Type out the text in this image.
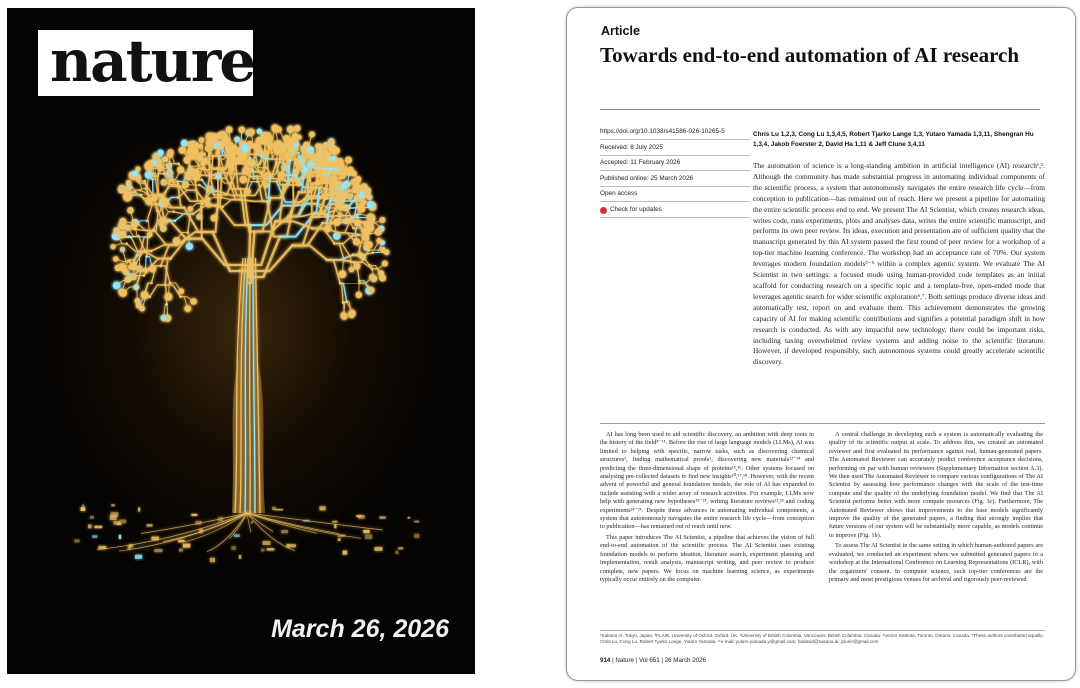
nature
March 26, 2026
Article
Towards end-to-end automation of AI research
https://doi.org/10.1038/s41586-026-10265-5
Received: 8 July 2025
Accepted: 11 February 2026
Published online: 25 March 2026
Open access
Check for updates
Chris Lu 1,2,3, Cong Lu 1,3,4,5, Robert Tjarko Lange 1,3, Yutaro Yamada 1,3,11, Shengran Hu 1,3,4, Jakob Foerster 2, David Ha 1,11 & Jeff Clune 3,4,11

The automation of science is a long-standing ambition in artificial intelligence (AI) research¹,². Although the community has made substantial progress in automating individual components of the scientific process, a system that autonomously navigates the entire research life cycle—from conception to publication—has remained out of reach. Here we present a pipeline for automating the entire scientific process end to end. We present The AI Scientist, which creates research ideas, writes code, runs experiments, plots and analyses data, writes the entire scientific manuscript, and performs its own peer review. Its ideas, execution and presentation are of sufficient quality that the manuscript generated by this AI system passed the first round of peer review for a workshop of a top-tier machine learning conference. The workshop had an acceptance rate of 70%. Our system leverages modern foundation models³⁻⁵ within a complex agentic system. We evaluate The AI Scientist in two settings: a focused mode using human-provided code templates as an initial scaffold for conducting research on a specific topic and a template-free, open-ended mode that leverages agentic search for wider scientific exploration⁶,⁷. Both settings produce diverse ideas and automatically test, report on and evaluate them. This achievement demonstrates the growing capacity of AI for making scientific contributions and signifies a potential paradigm shift in how research is conducted. As with any impactful new technology, there could be important risks, including taxing overwhelmed review systems and adding noise to the scientific literature. However, if developed responsibly, such autonomous systems could greatly accelerate scientific discovery.

AI has long been used to aid scientific discovery, an ambition with deep roots in the history of the field⁸⁻¹¹. Before the rise of large language models (LLMs), AI was limited to helping with specific, narrow tasks, such as discovering chemical structures², finding mathematical proofs¹, discovering new materials¹²⁻¹⁴ and predicting the three-dimensional shape of proteins¹⁵,¹⁶. Other systems focused on analysing pre-collected datasets to find new insights¹⁰,¹⁷,¹⁸. However, with the recent advent of powerful and general foundation models, the role of AI has expanded to include assisting with a wider array of research activities. For example, LLMs now help with generating new hypotheses¹⁹⁻²¹, writing literature reviews²²,²³ and coding experiments²⁴⁻²⁶. Despite these advances in automating individual components, a system that autonomously navigates the entire research life cycle—from conception to publication—has remained out of reach until now.

This paper introduces The AI Scientist, a pipeline that achieves the vision of full end-to-end automation of the scientific process. The AI Scientist uses existing foundation models to perform ideation, literature search, experiment planning and implementation, result analysis, manuscript writing, and peer review to produce complete, new papers. We focus on machine learning science, as experiments typically occur entirely on the computer.

A central challenge in developing such a system is automatically evaluating the quality of its scientific output at scale. To address this, we created an automated reviewer and first evaluated its performance against real, human-generated papers. The Automated Reviewer can accurately predict conference acceptance decisions, performing on par with human reviewers (Supplementary Information section A.3). We then used The Automated Reviewer to compare various configurations of The AI Scientist by assessing how performance changes with the scale of the test-time compute and the quality of the underlying foundation model. We find that The AI Scientist performs better with more compute resources (Fig. 3c). Furthermore, The Automated Reviewer shows that improvements to the base models significantly improve the quality of the generated papers, a finding that strongly implies that future versions of our system will be substantially more capable, as models continue to improve (Fig. 1b).

To assess The AI Scientist in the same setting in which human-authored papers are evaluated, we conducted an experiment where we submitted generated papers to a workshop at the International Conference on Learning Representations (ICLR), with the organizers' consent. In computer science, such top-tier conferences are the primary and most prestigious venues for archival and rigorously peer-reviewed

¹Sakana AI, Tokyo, Japan. ²FLAIR, University of Oxford, Oxford, UK. ³University of British Columbia, Vancouver, British Columbia, Canada. ⁴Vector Institute, Toronto, Ontario, Canada. ⁵These authors contributed equally: Chris Lu, Cong Lu, Robert Tjarko Lange, Yutaro Yamada. ¹¹e-mail: yutaro.yamada.y@gmail.com; hadavid@sakana.ai; jclune@gmail.com
914 | Nature | Vol 651 | 26 March 2026
